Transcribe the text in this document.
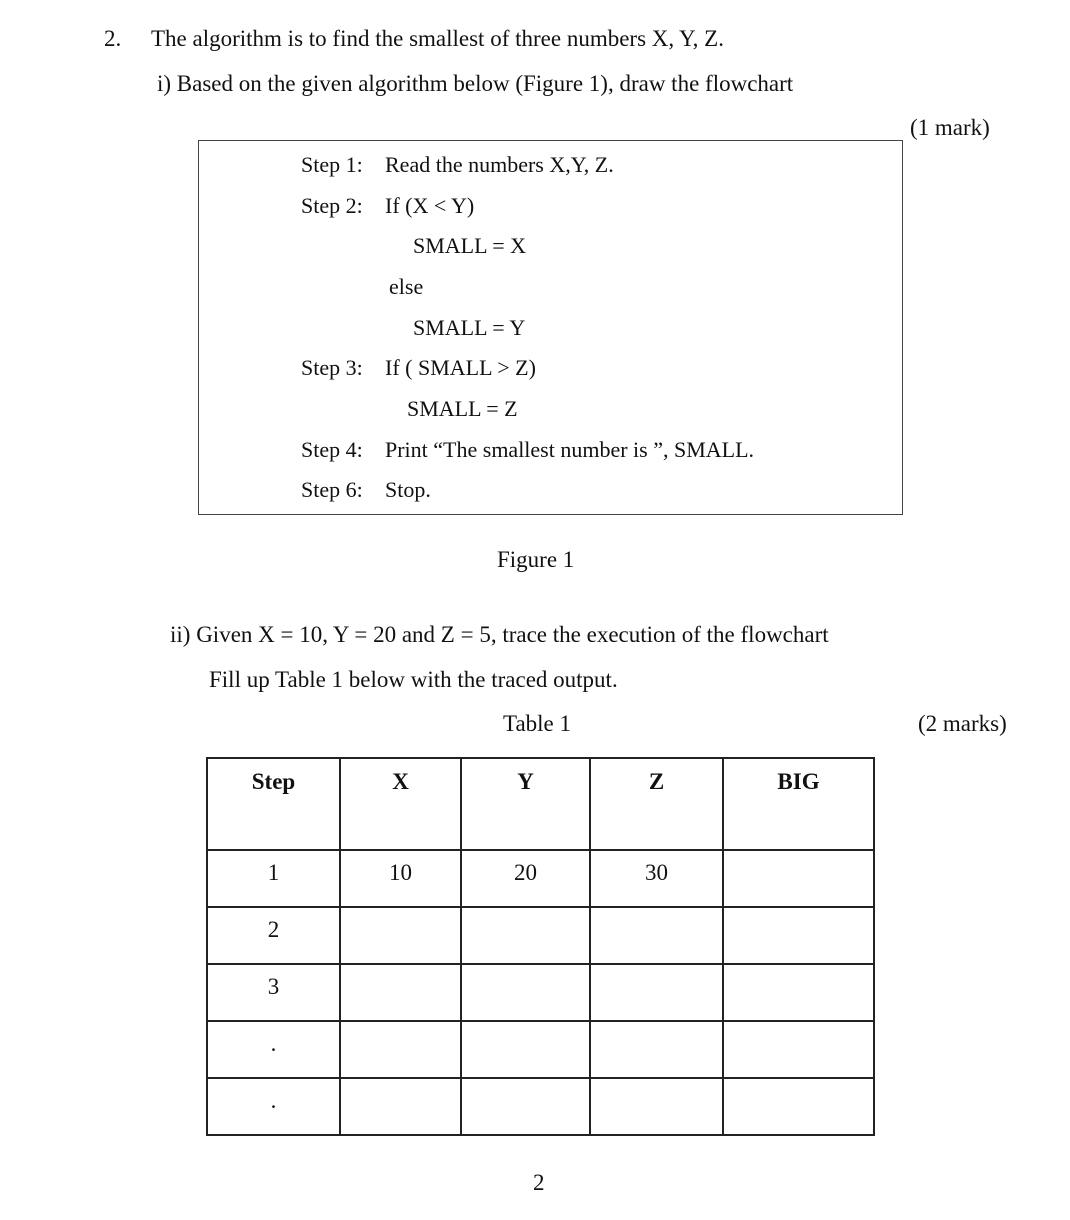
2. The algorithm is to find the smallest of three numbers X, Y, Z.
i) Based on the given algorithm below (Figure 1), draw the flowchart
(1 mark)
Step 1: Read the numbers X,Y, Z.
Step 2: If (X < Y)
SMALL = X
else
SMALL = Y
Step 3: If ( SMALL > Z)
SMALL = Z
Step 4: Print “The smallest number is ”, SMALL.
Step 6: Stop.
Figure 1
ii) Given X = 10, Y = 20 and Z = 5, trace the execution of the flowchart
Fill up Table 1 below with the traced output.
Table 1	(2 marks)
Step	X	Y	Z	BIG
1	10	20	30	
2				
3				
.				
.				
2
